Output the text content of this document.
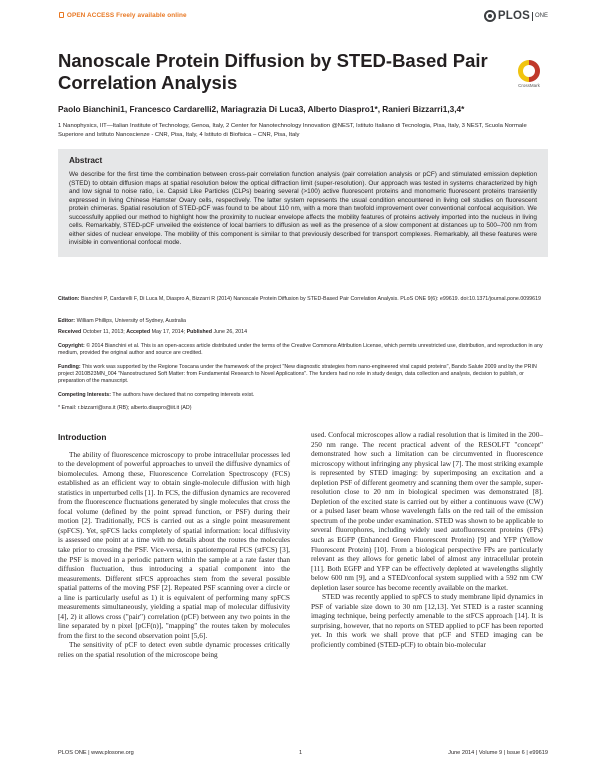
OPEN ACCESS Freely available online	PLOS ONE
Nanoscale Protein Diffusion by STED-Based Pair Correlation Analysis	CrossMark
Paolo Bianchini1, Francesco Cardarelli2, Mariagrazia Di Luca3, Alberto Diaspro1*, Ranieri Bizzarri1,3,4*
1 Nanophysics, IIT—Italian Institute of Technology, Genoa, Italy, 2 Center for Nanotechnology Innovation @NEST, Istituto Italiano di Tecnologia, Pisa, Italy, 3 NEST, Scuola Normale Superiore and Istituto Nanoscienze - CNR, Pisa, Italy, 4 Istituto di Biofisica – CNR, Pisa, Italy
Abstract
We describe for the first time the combination between cross-pair correlation function analysis (pair correlation analysis or pCF) and stimulated emission depletion (STED) to obtain diffusion maps at spatial resolution below the optical diffraction limit (super-resolution). Our approach was tested in systems characterized by high and low signal to noise ratio, i.e. Capsid Like Particles (CLPs) bearing several (>100) active fluorescent proteins and monomeric fluorescent proteins transiently expressed in living Chinese Hamster Ovary cells, respectively. The latter system represents the usual condition encountered in living cell studies on fluorescent protein chimeras. Spatial resolution of STED-pCF was found to be about 110 nm, with a more than twofold improvement over conventional confocal acquisition. We successfully applied our method to highlight how the proximity to nuclear envelope affects the mobility features of proteins actively imported into the nucleus in living cells. Remarkably, STED-pCF unveiled the existence of local barriers to diffusion as well as the presence of a slow component at distances up to 500–700 nm from either sides of nuclear envelope. The mobility of this component is similar to that previously described for transport complexes. Remarkably, all these features were invisible in conventional confocal mode.
Citation: Bianchini P, Cardarelli F, Di Luca M, Diaspro A, Bizzarri R (2014) Nanoscale Protein Diffusion by STED-Based Pair Correlation Analysis. PLoS ONE 9(6): e99619. doi:10.1371/journal.pone.0099619
Editor: William Phillips, University of Sydney, Australia
Received October 11, 2013; Accepted May 17, 2014; Published June 26, 2014
Copyright: © 2014 Bianchini et al. This is an open-access article distributed under the terms of the Creative Commons Attribution License, which permits unrestricted use, distribution, and reproduction in any medium, provided the original author and source are credited.
Funding: This work was supported by the Regione Toscana under the framework of the project "New diagnostic strategies from nano-engineered viral capsid proteins", Bando Salute 2009 and by the PRIN project 2010B23MN_004 "Nanostructured Soft Matter: from Fundamental Research to Novel Applications". The funders had no role in study design, data collection and analysis, decision to publish, or preparation of the manuscript.
Competing Interests: The authors have declared that no competing interests exist.
* Email: r.bizzarri@sns.it (RB); alberto.diaspro@iit.it (AD)
Introduction

The ability of fluorescence microscopy to probe intracellular processes led to the development of powerful approaches to unveil the diffusive dynamics of biomolecules. Among these, Fluorescence Correlation Spectroscopy (FCS) established as an efficient way to obtain single-molecule diffusion with high statistics in unperturbed cells [1]. In FCS, the diffusion dynamics are recovered from the fluorescence fluctuations generated by single molecules that cross the focal volume (defined by the point spread function, or PSF) during their motion [2]. Traditionally, FCS is carried out as a single point measurement (spFCS). Yet, spFCS lacks completely of spatial information: local diffusivity is assessed one point at a time with no details about the routes the molecules take prior to crossing the PSF. Vice-versa, in spatiotemporal FCS (stFCS) [3], the PSF is moved in a periodic pattern within the sample at a rate faster than diffusion fluctuation, thus introducing a spatial component into the measurements. Different stFCS approaches stem from the several possible spatial patterns of the moving PSF [2]. Repeated PSF scanning over a circle or a line is particularly useful as 1) it is equivalent of performing many spFCS measurements simultaneously, yielding a spatial map of molecular diffusivity [4], 2) it allows cross ("pair") correlation (pCF) between any two points in the line separated by n pixel [pCF(n)], "mapping" the routes taken by molecules from the first to the second observation point [5,6].

The sensitivity of pCF to detect even subtle dynamic processes critically relies on the spatial resolution of the microscope being

used. Confocal microscopes allow a radial resolution that is limited in the 200–250 nm range. The recent practical advent of the RESOLFT "concept" demonstrated how such a limitation can be circumvented in fluorescence microscopy without infringing any physical law [7]. The most striking example is represented by STED imaging: by superimposing an excitation and a depletion PSF of different geometry and scanning them over the sample, super-resolution close to 20 nm in biological specimen was demonstrated [8]. Depletion of the excited state is carried out by either a continuous wave (CW) or a pulsed laser beam whose wavelength falls on the red tail of the emission spectrum of the probe under examination. STED was shown to be applicable to several fluorophores, including widely used autofluorescent proteins (FPs) such as EGFP (Enhanced Green Fluorescent Protein) [9] and YFP (Yellow Fluorescent Protein) [10]. From a biological perspective FPs are particularly relevant as they allows for genetic label of almost any intracellular protein [11]. Both EGFP and YFP can be effectively depleted at wavelengths slightly below 600 nm [9], and a STED/confocal system supplied with a 592 nm CW depletion laser source has become recently available on the market.

STED was recently applied to spFCS to study membrane lipid dynamics in PSF of variable size down to 30 nm [12,13]. Yet STED is a raster scanning imaging technique, being perfectly amenable to the stFCS approach [14]. It is surprising, however, that no reports on STED applied to pCF has been reported yet. In this work we shall prove that pCF and STED imaging can be proficiently combined (STED-pCF) to obtain bio-molecular

PLOS ONE | www.plosone.org	1	June 2014 | Volume 9 | Issue 6 | e99619
